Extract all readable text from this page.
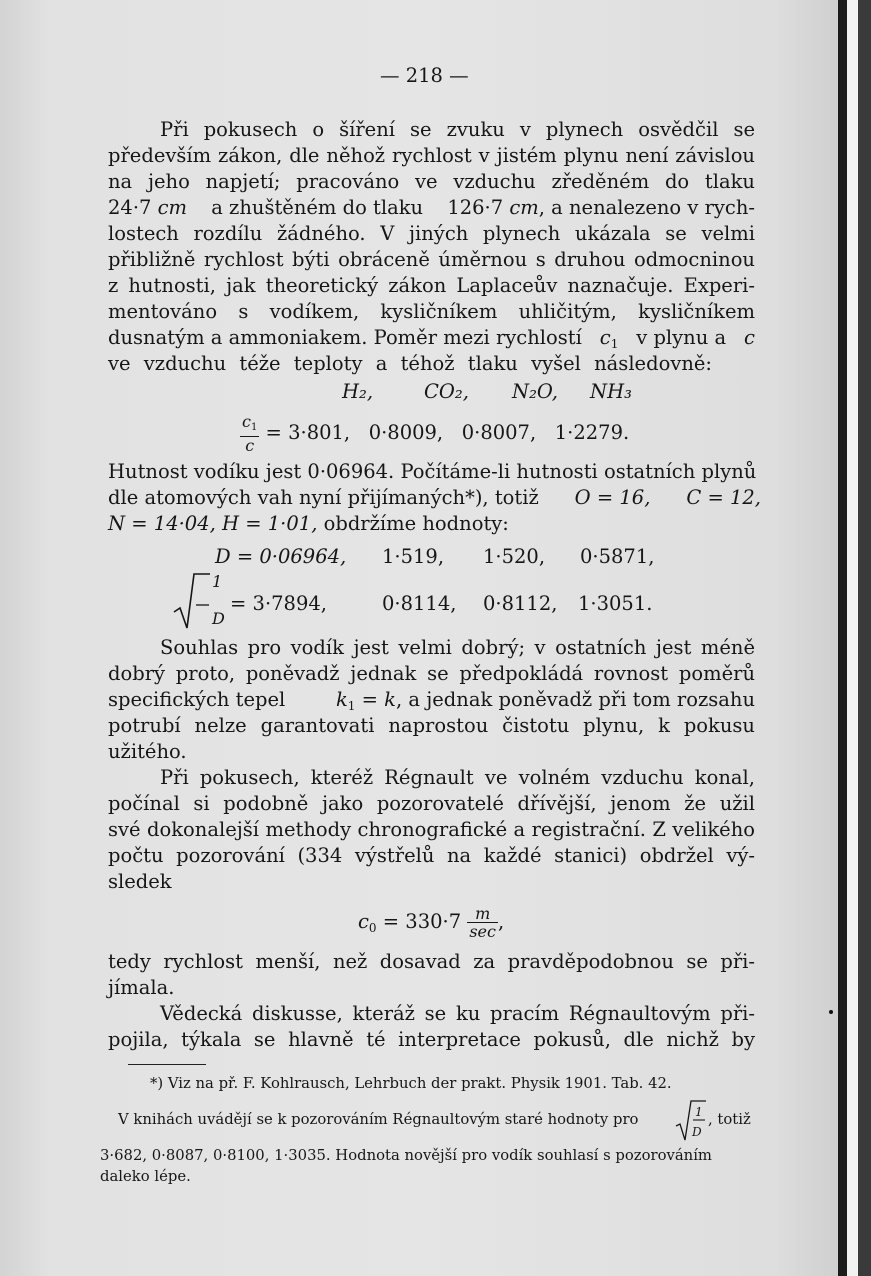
— 218 —
Při pokusech o šíření se zvuku v plynech osvědčil se
především zákon, dle něhož rychlost v jistém plynu není závislou
na jeho napjetí; pracováno ve vzduchu zředěném do tlaku
24·7 cm a zhuštěném do tlaku 126·7 cm, a nenalezeno v rych-
lostech rozdílu žádného. V jiných plynech ukázala se velmi
přibližně rychlost býti obráceně úměrnou s druhou odmocninou
z hutnosti, jak theoretický zákon Laplaceův naznačuje. Experi-
mentováno s vodíkem, kysličníkem uhličitým, kysličníkem
dusnatým a ammoniakem. Poměr mezi rychlostí $c_1$ v plynu a c
ve vzduchu téže teploty a téhož tlaku vyšel následovně:
H₂,	CO₂, N₂O, NH₃
$\frac{c_1}{c} = 3\cdot 801$,   0·8009,   0·8007,   1·2279.
Hutnost vodíku jest 0·06964. Počítáme-li hutnosti ostatních plynů
dle atomových vah nyní přijímaných*), totiž O = 16, C = 12,
N = 14·04, H = 1·01, obdržíme hodnoty:
D = 0·06964, 1·519, 1·520, 0·5871,
1
D
= 3·7894,	0·8114, 0·8112, 1·3051.
Souhlas pro vodík jest velmi dobrý; v ostatních jest méně
dobrý proto, poněvadž jednak se předpokládá rovnost poměrů
specifických tepel	$k_1 = k$, a jednak poněvadž při tom rozsahu
potrubí nelze garantovati naprostou čistotu plynu, k pokusu
užitého.
Při pokusech, kteréž Régnault ve volném vzduchu konal,
počínal si podobně jako pozorovatelé dřívější, jenom že užil
své dokonalejší methody chronografické a registrační. Z velikého
počtu pozorování (334 výstřelů na každé stanici) obdržel vý-
sledek
$c_0 = 330\cdot 7 \frac{m}{\sec}$ ,
tedy rychlost menší, než dosavad za pravděpodobnou se při-
jímala.
Vědecká diskusse, kteráž se ku pracím Régnaultovým při-
pojila, týkala se hlavně té interpretace pokusů, dle nichž by
*) Viz na př. F. Kohlrausch, Lehrbuch der prakt. Physik 1901. Tab. 42.
V knihách uvádějí se k pozorováním Régnaultovým staré hodnoty pro	1
D
, totiž
3·682, 0·8087, 0·8100, 1·3035. Hodnota novější pro vodík souhlasí s pozorováním
daleko lépe.
